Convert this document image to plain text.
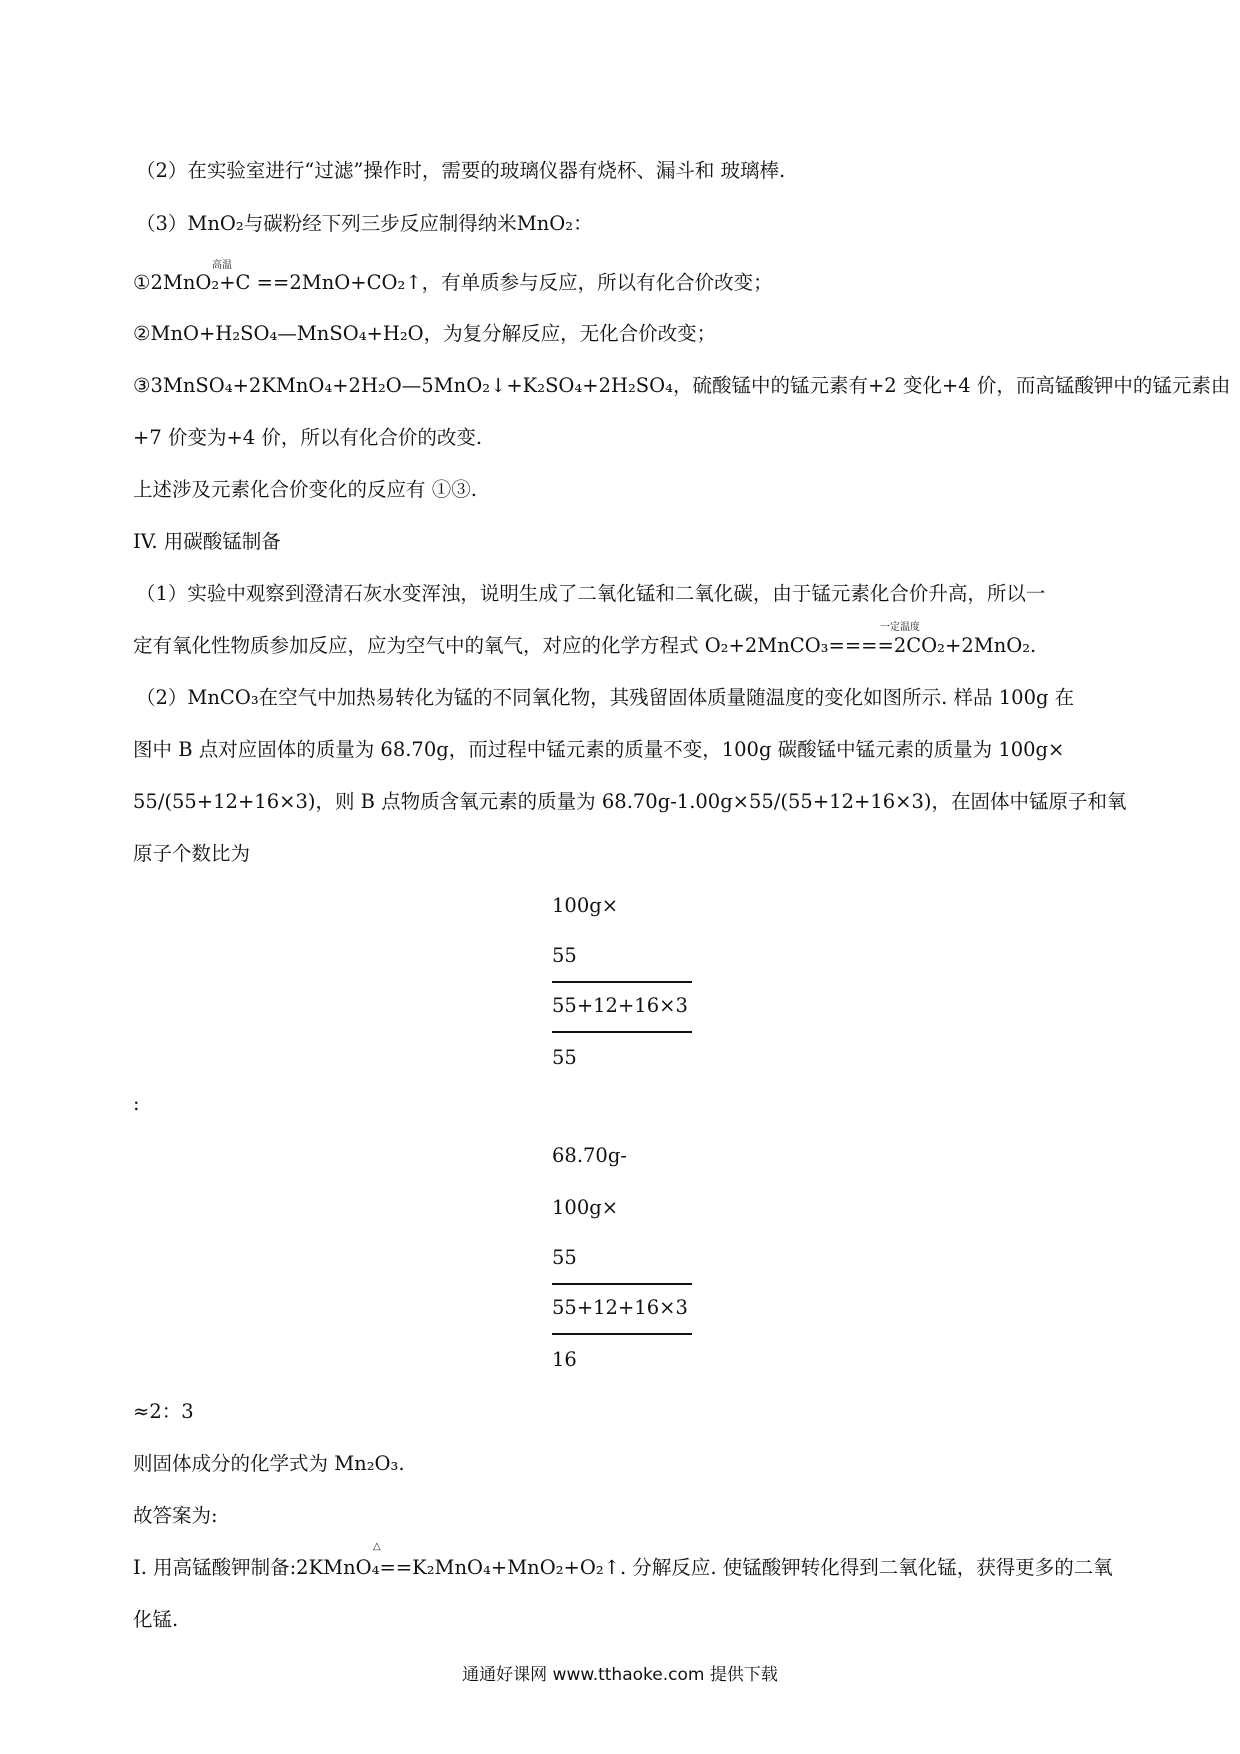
（2）在实验室进行“过滤”操作时，需要的玻璃仪器有烧杯、漏斗和 玻璃棒.
（3）MnO₂与碳粉经下列三步反应制得纳米MnO₂：
高温
①2MnO₂+C ==2MnO+CO₂↑，有单质参与反应，所以有化合价改变；
②MnO+H₂SO₄—MnSO₄+H₂O，为复分解反应，无化合价改变；
③3MnSO₄+2KMnO₄+2H₂O—5MnO₂↓+K₂SO₄+2H₂SO₄，硫酸锰中的锰元素有+2 变化+4 价，而高锰酸钾中的锰元素由
+7 价变为+4 价，所以有化合价的改变.
上述涉及元素化合价变化的反应有 ①③.
IV. 用碳酸锰制备
（1）实验中观察到澄清石灰水变浑浊，说明生成了二氧化锰和二氧化碳，由于锰元素化合价升高，所以一
一定温度
定有氧化性物质参加反应，应为空气中的氧气，对应的化学方程式 O₂+2MnCO₃====2CO₂+2MnO₂.
（2）MnCO₃在空气中加热易转化为锰的不同氧化物，其残留固体质量随温度的变化如图所示. 样品 100g 在
图中 B 点对应固体的质量为 68.70g，而过程中锰元素的质量不变，100g 碳酸锰中锰元素的质量为 100g×
55/(55+12+16×3)，则 B 点物质含氧元素的质量为 68.70g-1.00g×55/(55+12+16×3)，在固体中锰原子和氧
原子个数比为
100g×
55
55+12+16×3
55
:
68.70g-
100g×
55
55+12+16×3
16
≈2：3
则固体成分的化学式为 Mn₂O₃.
故答案为:
△
I. 用高锰酸钾制备:2KMnO₄==K₂MnO₄+MnO₂+O₂↑. 分解反应. 使锰酸钾转化得到二氧化锰，获得更多的二氧
化锰.
通通好课网 www.tthaoke.com 提供下载
